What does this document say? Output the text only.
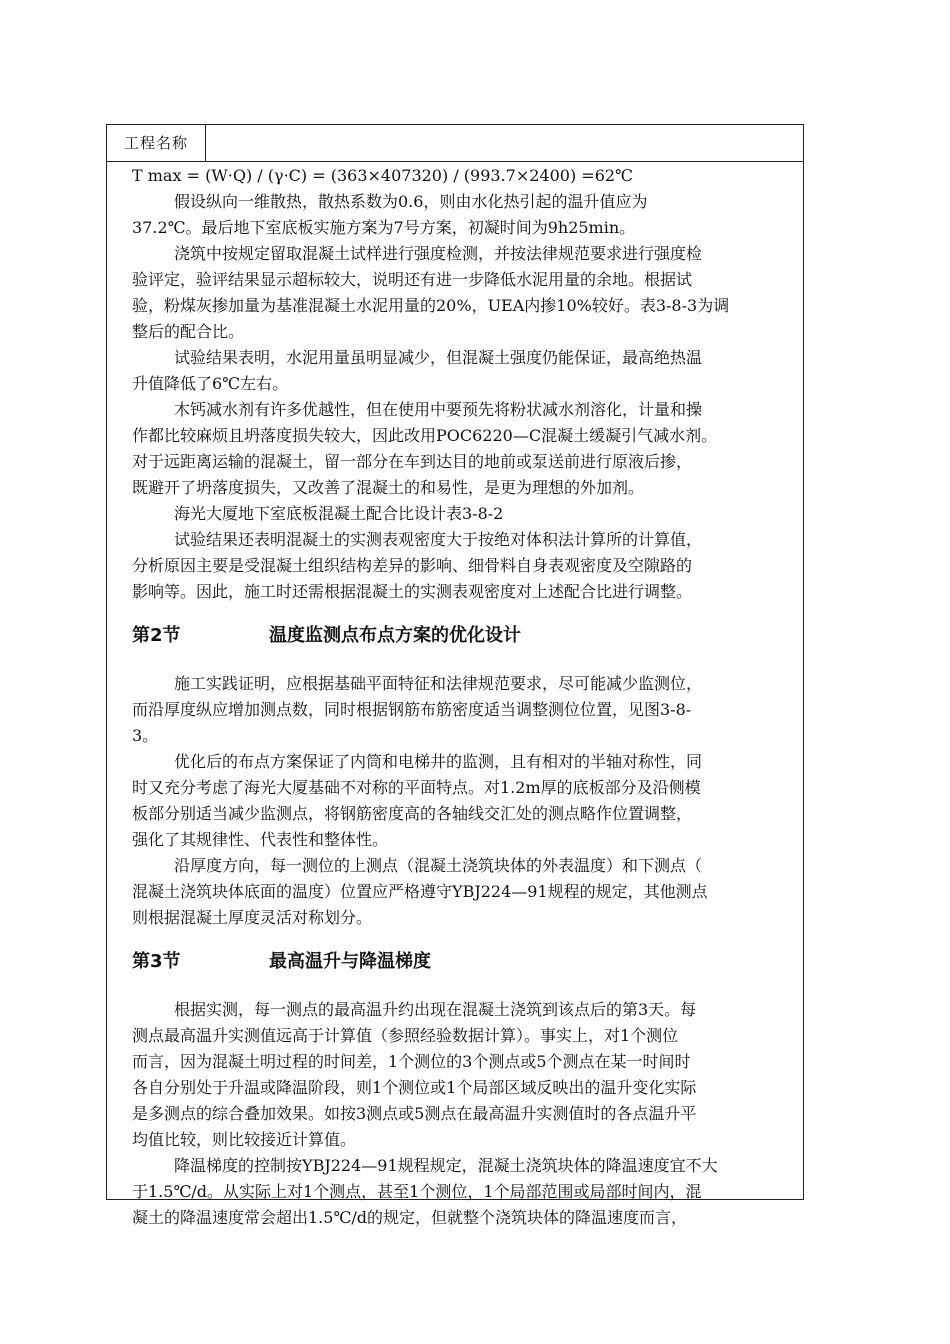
工程名称
T max = (W·Q) / (γ·C) = (363×407320) / (993.7×2400) =62℃
假设纵向一维散热，散热系数为0.6，则由水化热引起的温升值应为
37.2℃。最后地下室底板实施方案为7号方案，初凝时间为9h25min。
浇筑中按规定留取混凝土试样进行强度检测，并按法律规范要求进行强度检
验评定，验评结果显示超标较大，说明还有进一步降低水泥用量的余地。根据试
验，粉煤灰掺加量为基准混凝土水泥用量的20%，UEA内掺10%较好。表3-8-3为调
整后的配合比。
试验结果表明，水泥用量虽明显减少，但混凝土强度仍能保证，最高绝热温
升值降低了6℃左右。
木钙减水剂有许多优越性，但在使用中要预先将粉状减水剂溶化，计量和操
作都比较麻烦且坍落度损失较大，因此改用POC6220—C混凝土缓凝引气减水剂。
对于远距离运输的混凝土，留一部分在车到达目的地前或泵送前进行原液后掺，
既避开了坍落度损失，又改善了混凝土的和易性，是更为理想的外加剂。
海光大厦地下室底板混凝土配合比设计表3-8-2
试验结果还表明混凝土的实测表观密度大于按绝对体积法计算所的计算值，
分析原因主要是受混凝土组织结构差异的影响、细骨料自身表观密度及空隙路的
影响等。因此，施工时还需根据混凝土的实测表观密度对上述配合比进行调整。
第2节	温度监测点布点方案的优化设计
施工实践证明，应根据基础平面特征和法律规范要求，尽可能减少监测位，
而沿厚度纵应增加测点数，同时根据钢筋布筋密度适当调整测位位置，见图3-8-
3。
优化后的布点方案保证了内筒和电梯井的监测，且有相对的半轴对称性，同
时又充分考虑了海光大厦基础不对称的平面特点。对1.2m厚的底板部分及沿侧模
板部分别适当减少监测点，将钢筋密度高的各轴线交汇处的测点略作位置调整，
强化了其规律性、代表性和整体性。
沿厚度方向，每一测位的上测点（混凝土浇筑块体的外表温度）和下测点（
混凝土浇筑块体底面的温度）位置应严格遵守YBJ224—91规程的规定，其他测点
则根据混凝土厚度灵活对称划分。
第3节	最高温升与降温梯度
根据实测，每一测点的最高温升约出现在混凝土浇筑到该点后的第3天。每
测点最高温升实测值远高于计算值（参照经验数据计算）。事实上，对1个测位
而言，因为混凝土明过程的时间差，1个测位的3个测点或5个测点在某一时间时
各自分别处于升温或降温阶段，则1个测位或1个局部区域反映出的温升变化实际
是多测点的综合叠加效果。如按3测点或5测点在最高温升实测值时的各点温升平
均值比较，则比较接近计算值。
降温梯度的控制按YBJ224—91规程规定，混凝土浇筑块体的降温速度宜不大
于1.5℃/d。从实际上对1个测点，甚至1个测位，1个局部范围或局部时间内，混
凝土的降温速度常会超出1.5℃/d的规定，但就整个浇筑块体的降温速度而言，
